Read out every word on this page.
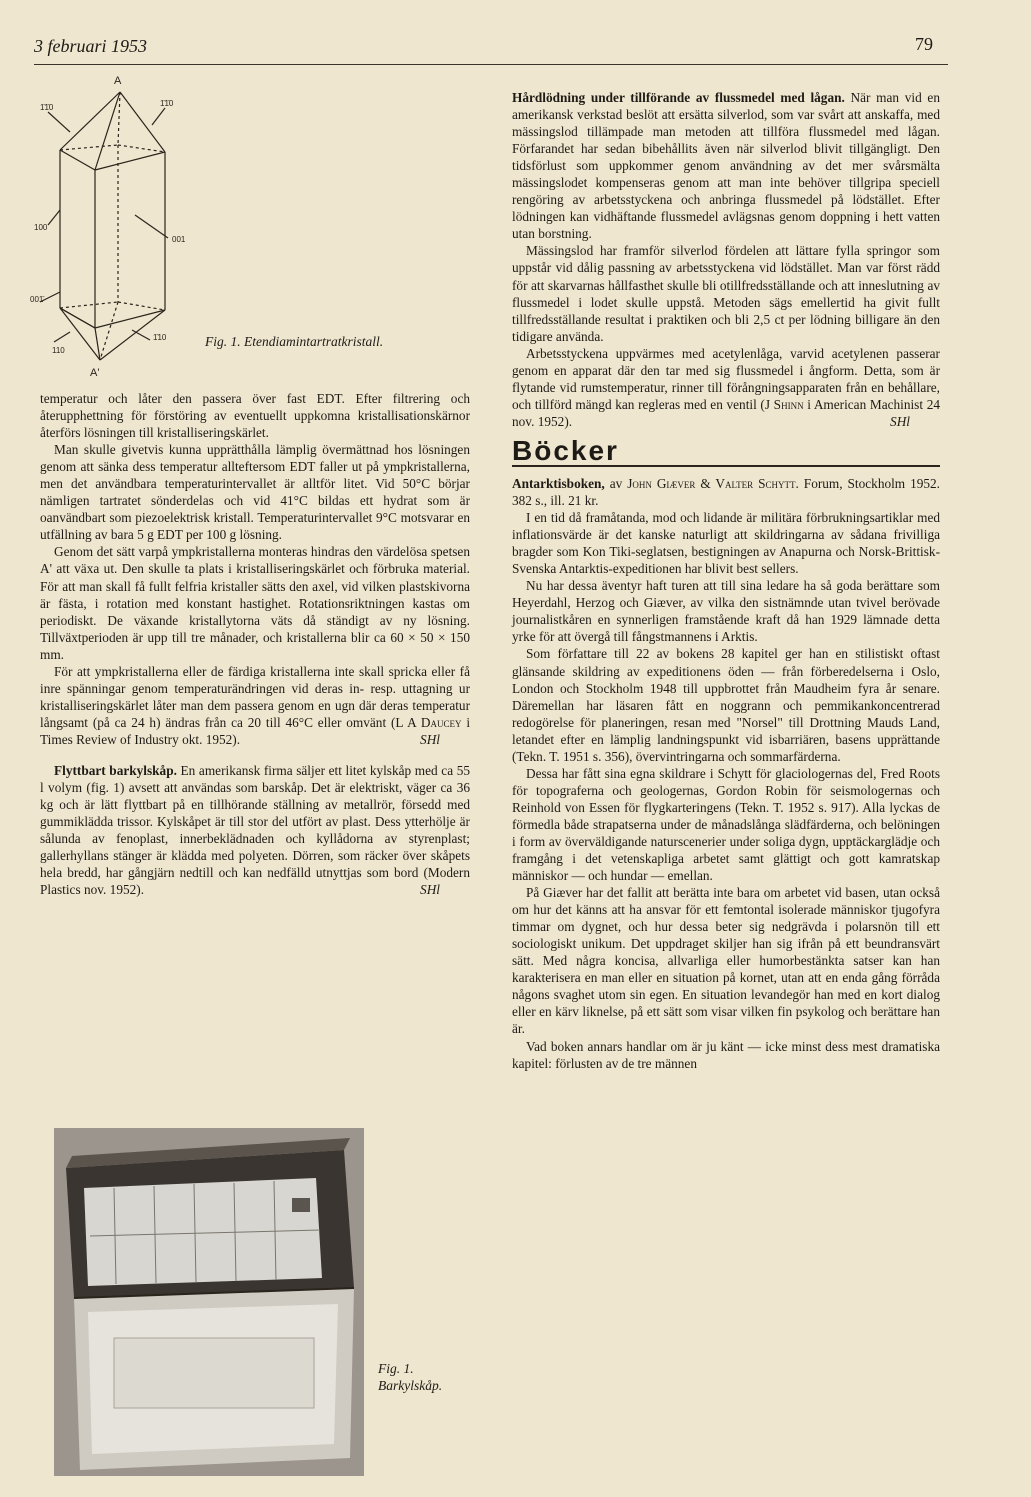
3 februari 1953	79
A
1̄1̄0	1̄1̄0
100
001
001̄
110
1̄10
A'
Fig. 1. Etendiamintartratkristall.

temperatur och låter den passera över fast EDT. Efter filtrering och återupphettning för förstöring av eventuellt uppkomna kristallisationskärnor återförs lösningen till kristalliseringskärlet.

Man skulle givetvis kunna upprätthålla lämplig övermättnad hos lösningen genom att sänka dess temperatur allteftersom EDT faller ut på ympkristallerna, men det användbara temperaturintervallet är alltför litet. Vid 50°C börjar nämligen tartratet sönderdelas och vid 41°C bildas ett hydrat som är oanvändbart som piezoelektrisk kristall. Temperaturintervallet 9°C motsvarar en utfällning av bara 5 g EDT per 100 g lösning.

Genom det sätt varpå ympkristallerna monteras hindras den värdelösa spetsen A' att växa ut. Den skulle ta plats i kristalliseringskärlet och förbruka material. För att man skall få fullt felfria kristaller sätts den axel, vid vilken plastskivorna är fästa, i rotation med konstant hastighet. Rotationsriktningen kastas om periodiskt. De växande kristallytorna väts då ständigt av ny lösning. Tillväxtperioden är upp till tre månader, och kristallerna blir ca 60 × 50 × 150 mm.

För att ympkristallerna eller de färdiga kristallerna inte skall spricka eller få inre spänningar genom temperaturändringen vid deras in- resp. uttagning ur kristalliseringskärlet låter man dem passera genom en ugn där deras temperatur långsamt (på ca 24 h) ändras från ca 20 till 46°C eller omvänt (L A Daucey i Times Review of Industry okt. 1952).	SHl

Flyttbart barkylskåp. En amerikansk firma säljer ett litet kylskåp med ca 55 l volym (fig. 1) avsett att användas som barskåp. Det är elektriskt, väger ca 36 kg och är lätt flyttbart på en tillhörande ställning av metallrör, försedd med gummiklädda trissor. Kylskåpet är till stor del utfört av plast. Dess ytterhölje är sålunda av fenoplast, innerbeklädnaden och kyllådorna av styrenplast; gallerhyllans stänger är klädda med polyeten. Dörren, som räcker över skåpets hela bredd, har gångjärn nedtill och kan nedfälld utnyttjas som bord (Modern Plastics nov. 1952).	SHl

Fig. 1.
Barkylskåp.

Hårdlödning under tillförande av flussmedel med lågan. När man vid en amerikansk verkstad beslöt att ersätta silverlod, som var svårt att anskaffa, med mässingslod tillämpade man metoden att tillföra flussmedel med lågan. Förfarandet har sedan bibehållits även när silverlod blivit tillgängligt. Den tidsförlust som uppkommer genom användning av det mer svårsmälta mässingslodet kompenseras genom att man inte behöver tillgripa speciell rengöring av arbetsstyckena och anbringa flussmedel på lödstället. Efter lödningen kan vidhäftande flussmedel avlägsnas genom doppning i hett vatten utan borstning.

Mässingslod har framför silverlod fördelen att lättare fylla springor som uppstår vid dålig passning av arbetsstyckena vid lödstället. Man var först rädd för att skarvarnas hållfasthet skulle bli otillfredsställande och att inneslutning av flussmedel i lodet skulle uppstå. Metoden sägs emellertid ha givit fullt tillfredsställande resultat i praktiken och bli 2,5 ct per lödning billigare än den tidigare använda.

Arbetsstyckena uppvärmes med acetylenlåga, varvid acetylenen passerar genom en apparat där den tar med sig flussmedel i ångform. Detta, som är flytande vid rumstemperatur, rinner till förångningsapparaten från en behållare, och tillförd mängd kan regleras med en ventil (J Shinn i American Machinist 24 nov. 1952).	SHl

Böcker

Antarktisboken, av John Giæver & Valter Schytt. Forum, Stockholm 1952. 382 s., ill. 21 kr.

I en tid då framåtanda, mod och lidande är militära förbrukningsartiklar med inflationsvärde är det kanske naturligt att skildringarna av sådana frivilliga bragder som Kon Tiki-seglatsen, bestigningen av Anapurna och Norsk-Brittisk-Svenska Antarktis-expeditionen har blivit best sellers.

Nu har dessa äventyr haft turen att till sina ledare ha så goda berättare som Heyerdahl, Herzog och Giæver, av vilka den sistnämnde utan tvivel berövade journalistkåren en synnerligen framstående kraft då han 1929 lämnade detta yrke för att övergå till fångstmannens i Arktis.

Som författare till 22 av bokens 28 kapitel ger han en stilistiskt oftast glänsande skildring av expeditionens öden — från förberedelserna i Oslo, London och Stockholm 1948 till uppbrottet från Maudheim fyra år senare. Däremellan har läsaren fått en noggrann och pemmikankoncentrerad redogörelse för planeringen, resan med "Norsel" till Drottning Mauds Land, letandet efter en lämplig landningspunkt vid isbarriären, basens upprättande (Tekn. T. 1951 s. 356), övervintringarna och sommarfärderna.

Dessa har fått sina egna skildrare i Schytt för glaciologernas del, Fred Roots för topograferna och geologernas, Gordon Robin för seismologernas och Reinhold von Essen för flygkarteringens (Tekn. T. 1952 s. 917). Alla lyckas de förmedla både strapatserna under de månadslånga slädfärderna, och belöningen i form av överväldigande naturscenerier under soliga dygn, upptäckarglädje och framgång i det vetenskapliga arbetet samt glättigt och gott kamratskap människor — och hundar — emellan.

På Giæver har det fallit att berätta inte bara om arbetet vid basen, utan också om hur det känns att ha ansvar för ett femtontal isolerade människor tjugofyra timmar om dygnet, och hur dessa beter sig nedgrävda i polarsnön till ett sociologiskt unikum. Det uppdraget skiljer han sig ifrån på ett beundransvärt sätt. Med några koncisa, allvarliga eller humorbestänkta satser kan han karakterisera en man eller en situation på kornet, utan att en enda gång förråda någons svaghet utom sin egen. En situation levandegör han med en kort dialog eller en kärv liknelse, på ett sätt som visar vilken fin psykolog och berättare han är.

Vad boken annars handlar om är ju känt — icke minst dess mest dramatiska kapitel: förlusten av de tre männen
